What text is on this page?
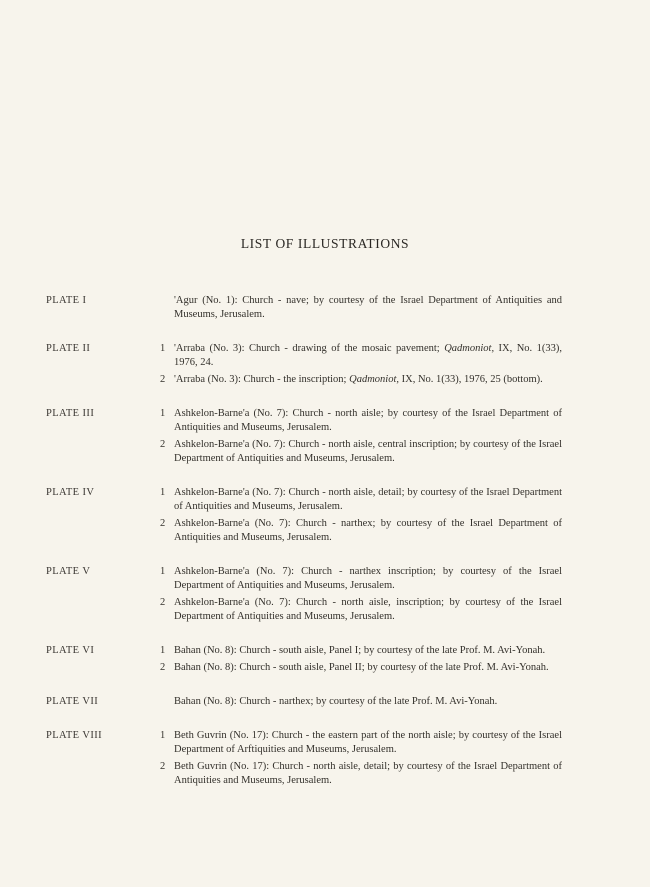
LIST OF ILLUSTRATIONS
PLATE I	'Agur (No. 1): Church - nave; by courtesy of the Israel Department of Antiquities and Museums, Jerusalem.
PLATE II	1 'Arraba (No. 3): Church - drawing of the mosaic pavement; Qadmoniot, IX, No. 1(33), 1976, 24.
2 'Arraba (No. 3): Church - the inscription; Qadmoniot, IX, No. 1(33), 1976, 25 (bottom).
PLATE III	1 Ashkelon-Barne'a (No. 7): Church - north aisle; by courtesy of the Israel Department of Antiquities and Museums, Jerusalem.
2 Ashkelon-Barne'a (No. 7): Church - north aisle, central inscription; by courtesy of the Israel Department of Antiquities and Museums, Jerusalem.
PLATE IV	1 Ashkelon-Barne'a (No. 7): Church - north aisle, detail; by courtesy of the Israel Department of Antiquities and Museums, Jerusalem.
2 Ashkelon-Barne'a (No. 7): Church - narthex; by courtesy of the Israel Department of Antiquities and Museums, Jerusalem.
PLATE V	1 Ashkelon-Barne'a (No. 7): Church - narthex inscription; by courtesy of the Israel Department of Antiquities and Museums, Jerusalem.
2 Ashkelon-Barne'a (No. 7): Church - north aisle, inscription; by courtesy of the Israel Department of Antiquities and Museums, Jerusalem.
PLATE VI	1 Bahan (No. 8): Church - south aisle, Panel I; by courtesy of the late Prof. M. Avi-Yonah.
2 Bahan (No. 8): Church - south aisle, Panel II; by courtesy of the late Prof. M. Avi-Yonah.
PLATE VII	Bahan (No. 8): Church - narthex; by courtesy of the late Prof. M. Avi-Yonah.
PLATE VIII	1 Beth Guvrin (No. 17): Church - the eastern part of the north aisle; by courtesy of the Israel Department of Arftiquities and Museums, Jerusalem.
2 Beth Guvrin (No. 17): Church - north aisle, detail; by courtesy of the Israel Department of Antiquities and Museums, Jerusalem.
